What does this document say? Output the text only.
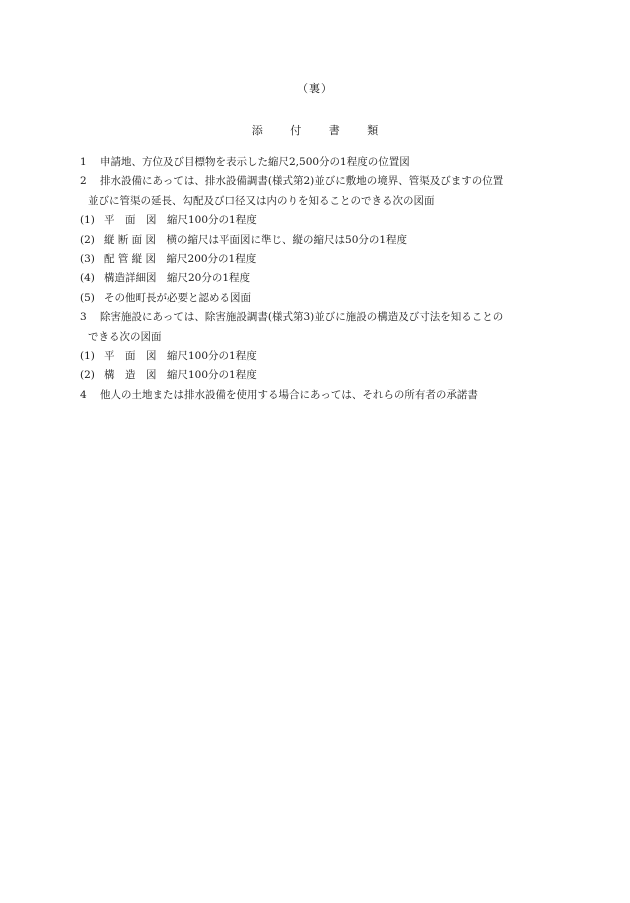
（裏）
添	付	書	類
1	申請地、方位及び目標物を表示した縮尺2,500分の1程度の位置図
2	排水設備にあっては、排水設備調書(様式第2)並びに敷地の境界、管渠及びますの位置
並びに管渠の延長、勾配及び口径又は内のりを知ることのできる次の図面
(1) 平　面　図　縮尺100分の1程度
(2) 縦 断 面 図　横の縮尺は平面図に準じ、縦の縮尺は50分の1程度
(3) 配 管 縦 図　縮尺200分の1程度
(4) 構造詳細図　縮尺20分の1程度
(5) その他町長が必要と認める図面
3	除害施設にあっては、除害施設調書(様式第3)並びに施設の構造及び寸法を知ることの
できる次の図面
(1) 平　面　図　縮尺100分の1程度
(2) 構　造　図　縮尺100分の1程度
4	他人の土地または排水設備を使用する場合にあっては、それらの所有者の承諾書
